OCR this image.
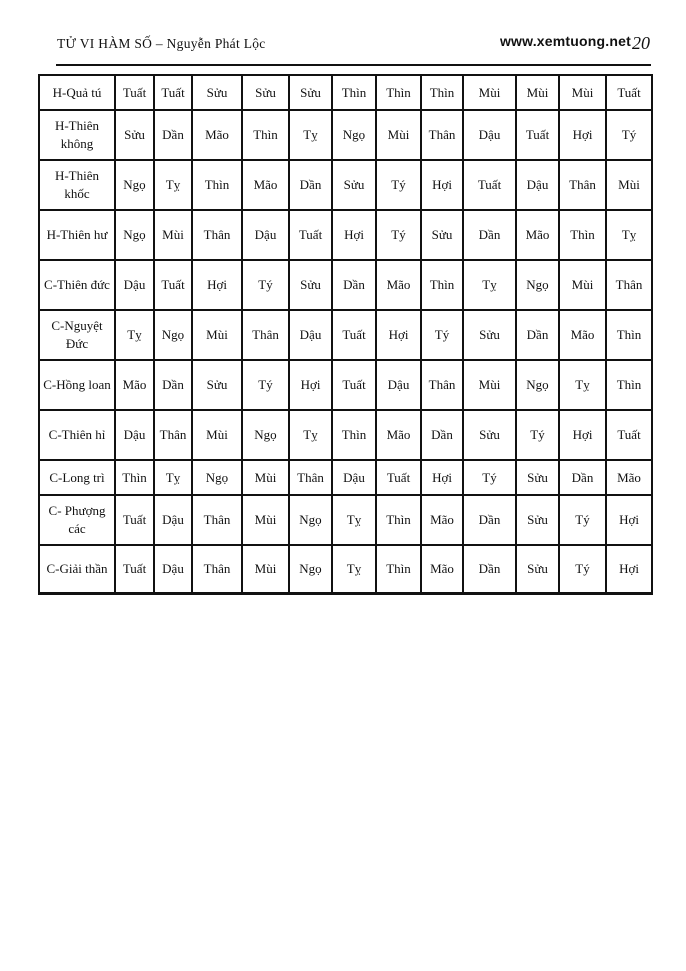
TỬ VI HÀM SỐ – Nguyễn Phát Lộc	www.xemtuong.net20
H-Quả tú	Tuất	Tuất	Sửu	Sửu	Sửu	Thìn	Thìn	Thìn	Mùi	Mùi	Mùi	Tuất
H-Thiên không	Sửu	Dần	Mão	Thìn	Tỵ	Ngọ	Mùi	Thân	Dậu	Tuất	Hợi	Tý
H-Thiên khốc	Ngọ	Tỵ	Thìn	Mão	Dần	Sửu	Tý	Hợi	Tuất	Dậu	Thân	Mùi
H-Thiên hư	Ngọ	Mùi	Thân	Dậu	Tuất	Hợi	Tý	Sửu	Dần	Mão	Thìn	Tỵ
C-Thiên đức	Dậu	Tuất	Hợi	Tý	Sửu	Dần	Mão	Thìn	Tỵ	Ngọ	Mùi	Thân
C-Nguyệt Đức	Tỵ	Ngọ	Mùi	Thân	Dậu	Tuất	Hợi	Tý	Sửu	Dần	Mão	Thìn
C-Hồng loan	Mão	Dần	Sửu	Tý	Hợi	Tuất	Dậu	Thân	Mùi	Ngọ	Tỵ	Thìn
C-Thiên hỉ	Dậu	Thân	Mùi	Ngọ	Tỵ	Thìn	Mão	Dần	Sửu	Tý	Hợi	Tuất
C-Long trì	Thìn	Tỵ	Ngọ	Mùi	Thân	Dậu	Tuất	Hợi	Tý	Sửu	Dần	Mão
C- Phượng các	Tuất	Dậu	Thân	Mùi	Ngọ	Tỵ	Thìn	Mão	Dần	Sửu	Tý	Hợi
C-Giải thần	Tuất	Dậu	Thân	Mùi	Ngọ	Tỵ	Thìn	Mão	Dần	Sửu	Tý	Hợi
